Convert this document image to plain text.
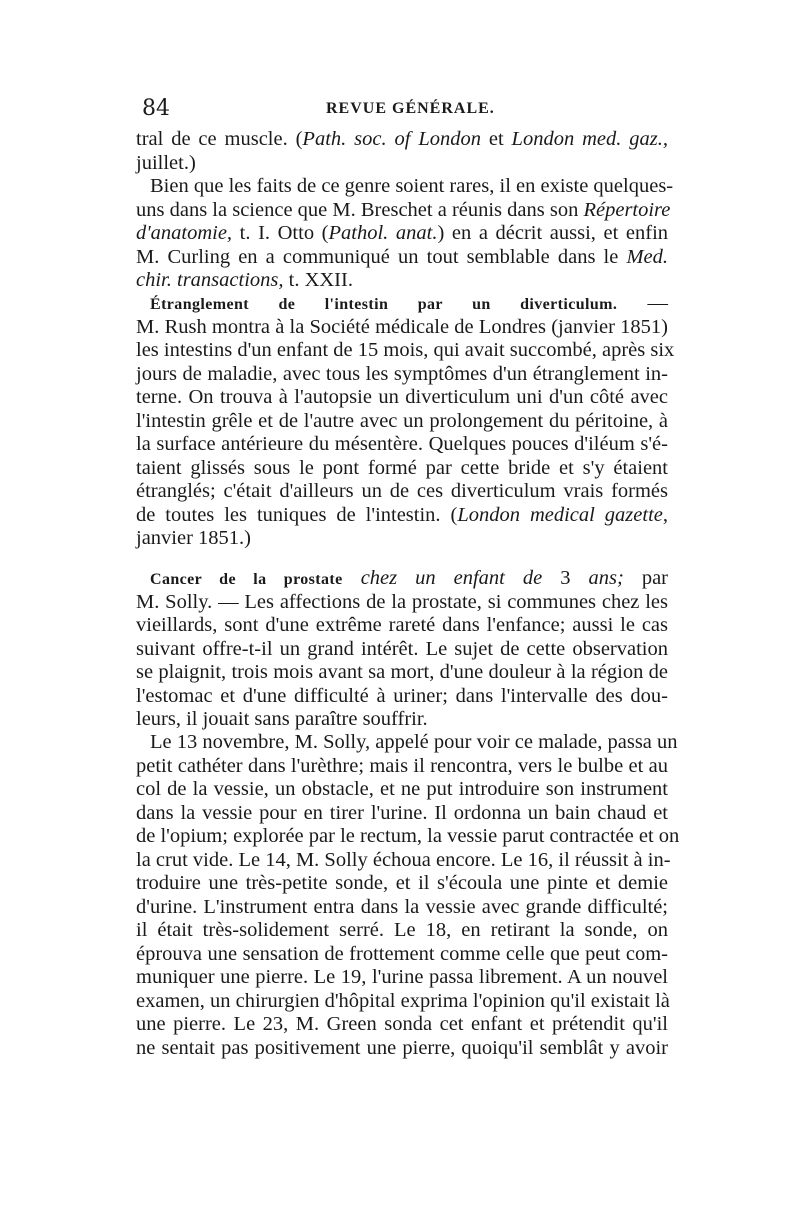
84	REVUE GÉNÉRALE.
tral de ce muscle. (Path. soc. of London et London med. gaz.,
juillet.)
Bien que les faits de ce genre soient rares, il en existe quelques-
uns dans la science que M. Breschet a réunis dans son Répertoire
d'anatomie, t. I. Otto (Pathol. anat.) en a décrit aussi, et enfin
M. Curling en a communiqué un tout semblable dans le Med.
chir. transactions, t. XXII.
Étranglement de l'intestin par un diverticulum. —
M. Rush montra à la Société médicale de Londres (janvier 1851)
les intestins d'un enfant de 15 mois, qui avait succombé, après six
jours de maladie, avec tous les symptômes d'un étranglement in-
terne. On trouva à l'autopsie un diverticulum uni d'un côté avec
l'intestin grêle et de l'autre avec un prolongement du péritoine, à
la surface antérieure du mésentère. Quelques pouces d'iléum s'é-
taient glissés sous le pont formé par cette bride et s'y étaient
étranglés; c'était d'ailleurs un de ces diverticulum vrais formés
de toutes les tuniques de l'intestin. (London medical gazette,
janvier 1851.)
Cancer de la prostate chez un enfant de 3 ans; par
M. Solly. — Les affections de la prostate, si communes chez les
vieillards, sont d'une extrême rareté dans l'enfance; aussi le cas
suivant offre-t-il un grand intérêt. Le sujet de cette observation
se plaignit, trois mois avant sa mort, d'une douleur à la région de
l'estomac et d'une difficulté à uriner; dans l'intervalle des dou-
leurs, il jouait sans paraître souffrir.
Le 13 novembre, M. Solly, appelé pour voir ce malade, passa un
petit cathéter dans l'urèthre; mais il rencontra, vers le bulbe et au
col de la vessie, un obstacle, et ne put introduire son instrument
dans la vessie pour en tirer l'urine. Il ordonna un bain chaud et
de l'opium; explorée par le rectum, la vessie parut contractée et on
la crut vide. Le 14, M. Solly échoua encore. Le 16, il réussit à in-
troduire une très-petite sonde, et il s'écoula une pinte et demie
d'urine. L'instrument entra dans la vessie avec grande difficulté;
il était très-solidement serré. Le 18, en retirant la sonde, on
éprouva une sensation de frottement comme celle que peut com-
muniquer une pierre. Le 19, l'urine passa librement. A un nouvel
examen, un chirurgien d'hôpital exprima l'opinion qu'il existait là
une pierre. Le 23, M. Green sonda cet enfant et prétendit qu'il
ne sentait pas positivement une pierre, quoiqu'il semblât y avoir
